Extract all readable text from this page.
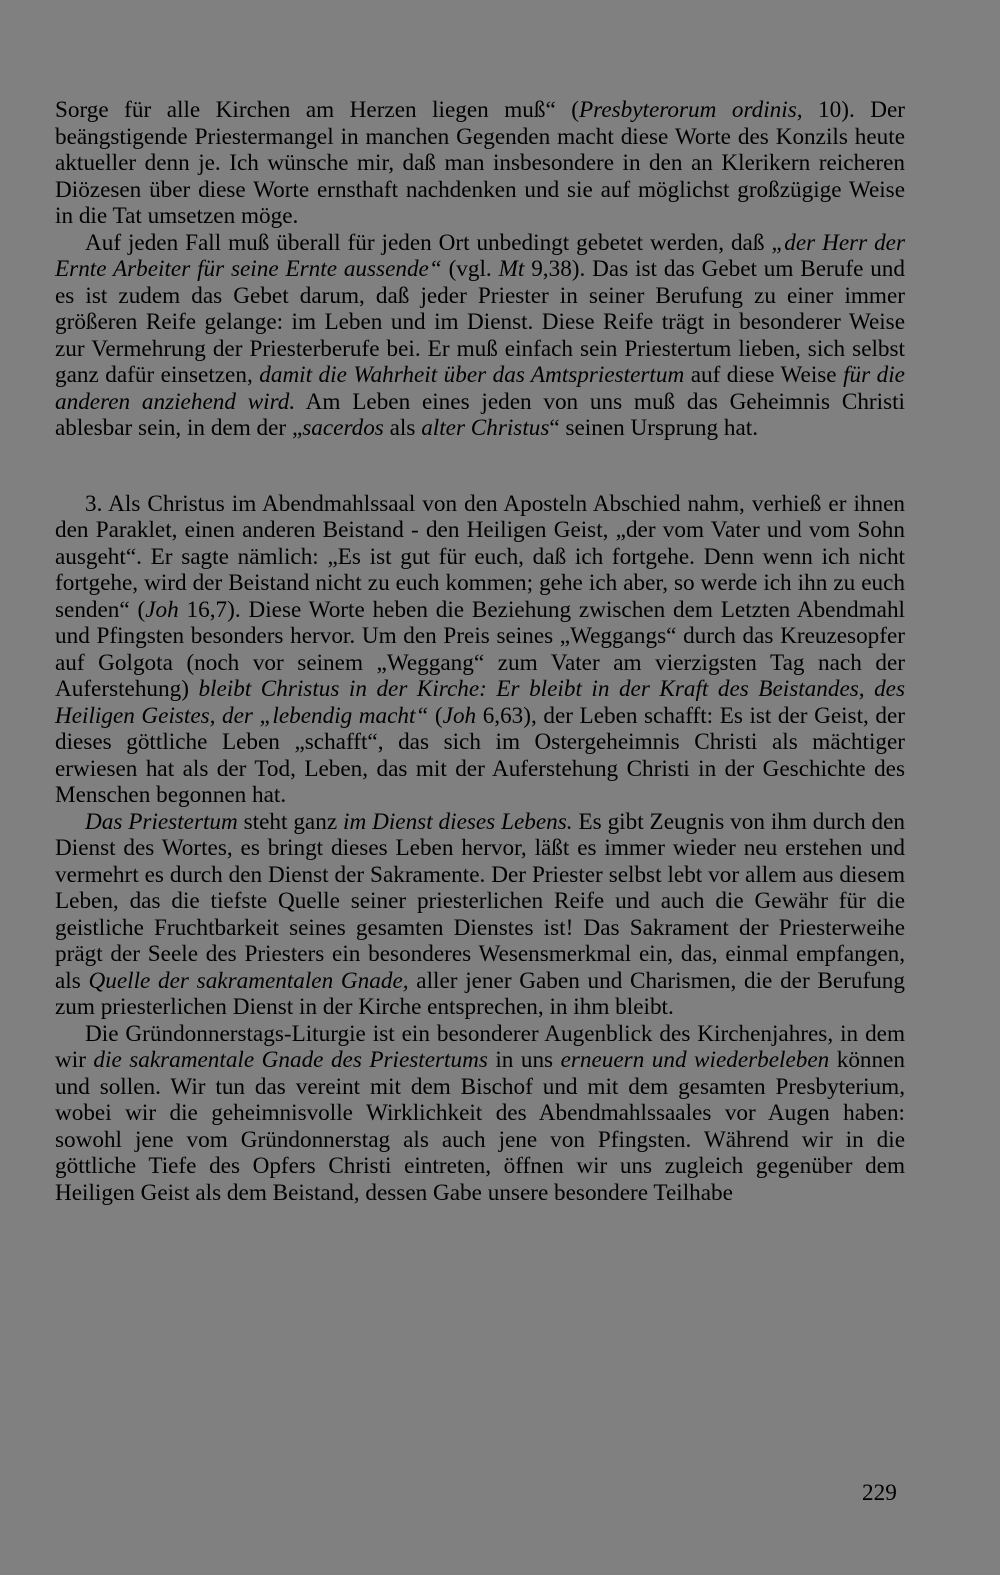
Sorge für alle Kirchen am Herzen liegen muß“ (Presbyterorum ordinis, 10). Der beängstigende Priestermangel in manchen Gegenden macht diese Worte des Konzils heute aktueller denn je. Ich wünsche mir, daß man insbesondere in den an Klerikern reicheren Diözesen über diese Worte ernsthaft nachdenken und sie auf möglichst großzügige Weise in die Tat umsetzen möge.

Auf jeden Fall muß überall für jeden Ort unbedingt gebetet werden, daß „der Herr der Ernte Arbeiter für seine Ernte aussende“ (vgl. Mt 9,38). Das ist das Gebet um Berufe und es ist zudem das Gebet darum, daß jeder Priester in seiner Berufung zu einer immer größeren Reife gelange: im Leben und im Dienst. Diese Reife trägt in besonderer Weise zur Vermehrung der Priesterberufe bei. Er muß einfach sein Priestertum lieben, sich selbst ganz dafür einsetzen, damit die Wahrheit über das Amtspriestertum auf diese Weise für die anderen anziehend wird. Am Leben eines jeden von uns muß das Geheimnis Christi ablesbar sein, in dem der „sacerdos als alter Christus“ seinen Ursprung hat.

3. Als Christus im Abendmahlssaal von den Aposteln Abschied nahm, verhieß er ihnen den Paraklet, einen anderen Beistand - den Heiligen Geist, „der vom Vater und vom Sohn ausgeht“. Er sagte nämlich: „Es ist gut für euch, daß ich fortgehe. Denn wenn ich nicht fortgehe, wird der Beistand nicht zu euch kommen; gehe ich aber, so werde ich ihn zu euch senden“ (Joh 16,7). Diese Worte heben die Beziehung zwischen dem Letzten Abendmahl und Pfingsten besonders hervor. Um den Preis seines „Weggangs“ durch das Kreuzesopfer auf Golgota (noch vor seinem „Weggang“ zum Vater am vierzigsten Tag nach der Auferstehung) bleibt Christus in der Kirche: Er bleibt in der Kraft des Beistandes, des Heiligen Geistes, der „lebendig macht“ (Joh 6,63), der Leben schafft: Es ist der Geist, der dieses göttliche Leben „schafft“, das sich im Ostergeheimnis Christi als mächtiger erwiesen hat als der Tod, Leben, das mit der Auferstehung Christi in der Geschichte des Menschen begonnen hat.

Das Priestertum steht ganz im Dienst dieses Lebens. Es gibt Zeugnis von ihm durch den Dienst des Wortes, es bringt dieses Leben hervor, läßt es immer wieder neu erstehen und vermehrt es durch den Dienst der Sakramente. Der Priester selbst lebt vor allem aus diesem Leben, das die tiefste Quelle seiner priesterlichen Reife und auch die Gewähr für die geistliche Fruchtbarkeit seines gesamten Dienstes ist! Das Sakrament der Priesterweihe prägt der Seele des Priesters ein besonderes Wesensmerkmal ein, das, einmal empfangen, als Quelle der sakramentalen Gnade, aller jener Gaben und Charismen, die der Berufung zum priesterlichen Dienst in der Kirche entsprechen, in ihm bleibt.

Die Gründonnerstags-Liturgie ist ein besonderer Augenblick des Kirchenjahres, in dem wir die sakramentale Gnade des Priestertums in uns erneuern und wiederbeleben können und sollen. Wir tun das vereint mit dem Bischof und mit dem gesamten Presbyterium, wobei wir die geheimnisvolle Wirklichkeit des Abendmahlssaales vor Augen haben: sowohl jene vom Gründonnerstag als auch jene von Pfingsten. Während wir in die göttliche Tiefe des Opfers Christi eintreten, öffnen wir uns zugleich gegenüber dem Heiligen Geist als dem Beistand, dessen Gabe unsere besondere Teilhabe

229
